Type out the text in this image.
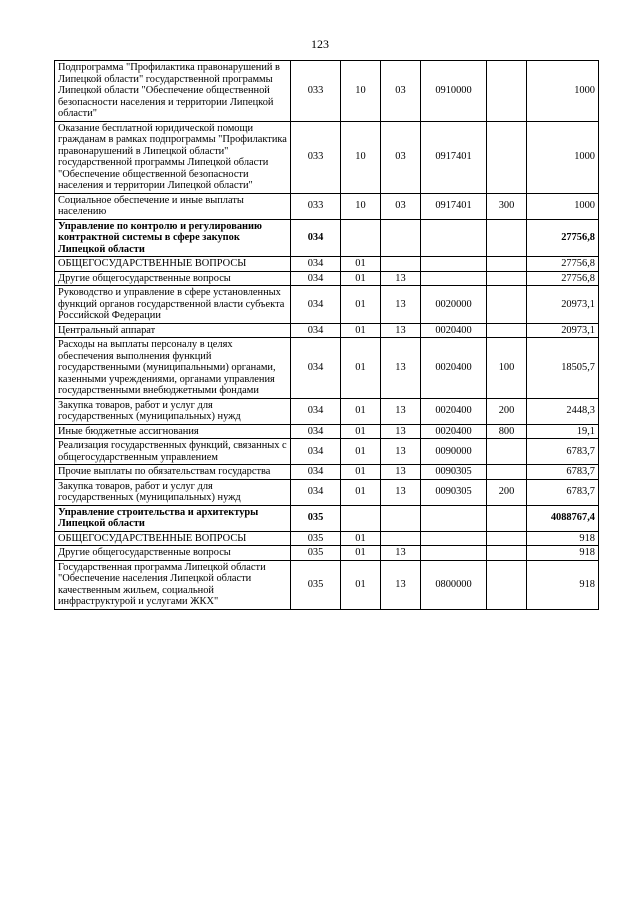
123
Подпрограмма "Профилактика правонарушений в Липецкой области" государственной программы Липецкой области "Обеспечение общественной безопасности населения и территории Липецкой области"	033	10	03	0910000		1000
Оказание бесплатной юридической помощи гражданам в рамках подпрограммы "Профилактика правонарушений в Липецкой области" государственной программы Липецкой области "Обеспечение общественной безопасности населения и территории Липецкой области"	033	10	03	0917401		1000
Социальное обеспечение и иные выплаты населению	033	10	03	0917401	300	1000
Управление по контролю и регулированию контрактной системы в сфере закупок Липецкой области	034					27756,8
ОБЩЕГОСУДАРСТВЕННЫЕ ВОПРОСЫ	034	01				27756,8
Другие общегосударственные вопросы	034	01	13			27756,8
Руководство и управление в сфере установленных функций органов государственной власти субъекта Российской Федерации	034	01	13	0020000		20973,1
Центральный аппарат	034	01	13	0020400		20973,1
Расходы на выплаты персоналу в целях обеспечения выполнения функций государственными (муниципальными) органами, казенными учреждениями, органами управления государственными внебюджетными фондами	034	01	13	0020400	100	18505,7
Закупка товаров, работ и услуг для государственных (муниципальных) нужд	034	01	13	0020400	200	2448,3
Иные бюджетные ассигнования	034	01	13	0020400	800	19,1
Реализация государственных функций, связанных с общегосударственным управлением	034	01	13	0090000		6783,7
Прочие выплаты по обязательствам государства	034	01	13	0090305		6783,7
Закупка товаров, работ и услуг для государственных (муниципальных) нужд	034	01	13	0090305	200	6783,7
Управление строительства и архитектуры Липецкой области	035					4088767,4
ОБЩЕГОСУДАРСТВЕННЫЕ ВОПРОСЫ	035	01				918
Другие общегосударственные вопросы	035	01	13			918
Государственная программа Липецкой области "Обеспечение населения Липецкой области качественным жильем, социальной инфраструктурой и услугами ЖКХ"	035	01	13	0800000		918
